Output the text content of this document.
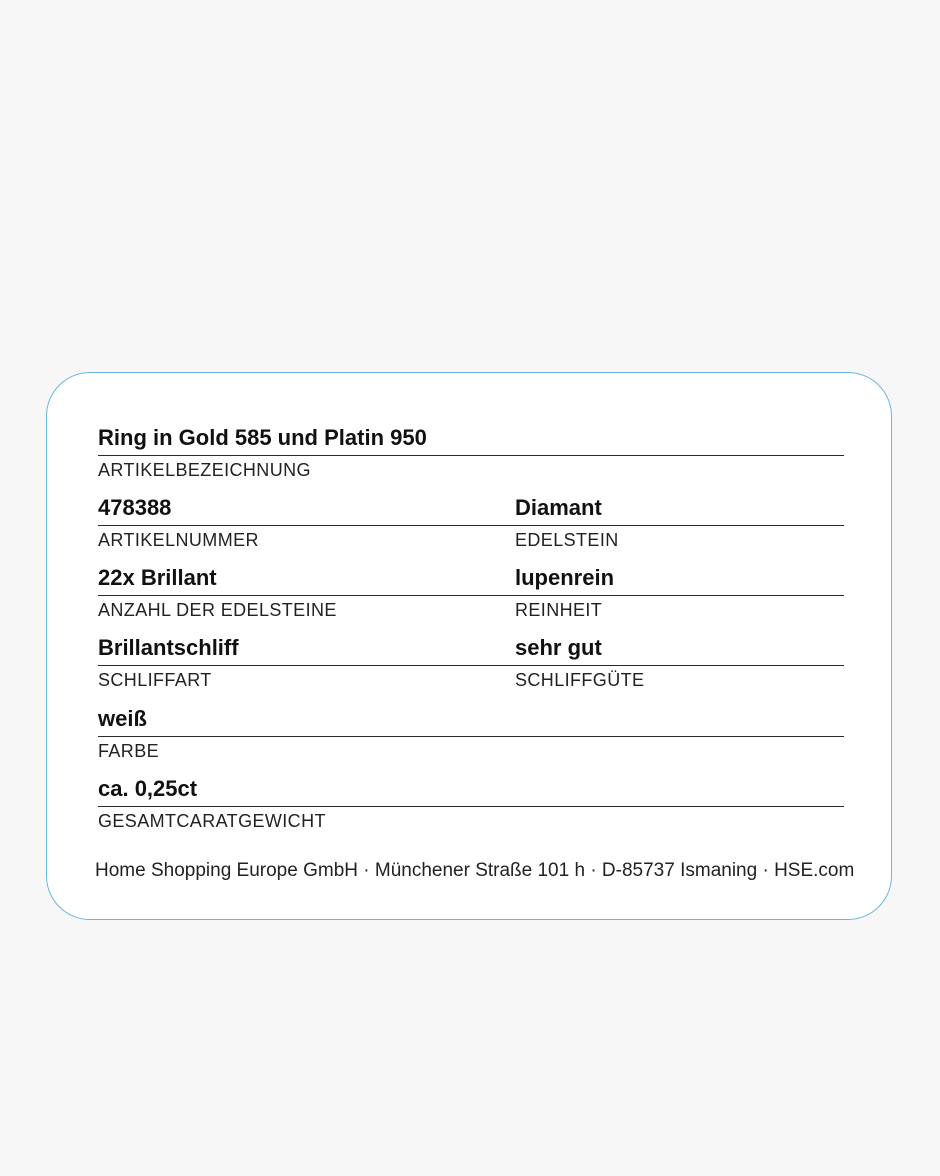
Ring in Gold 585 und Platin 950
ARTIKELBEZEICHNUNG
478388
ARTIKELNUMMER
Diamant
EDELSTEIN
22x Brillant
ANZAHL DER EDELSTEINE
lupenrein
REINHEIT
Brillantschliff
SCHLIFFART
sehr gut
SCHLIFFGÜTE
weiß
FARBE
ca. 0,25ct
GESAMTCARATGEWICHT
Home Shopping Europe GmbH · Münchener Straße 101 h · D-85737 Ismaning · HSE.com
